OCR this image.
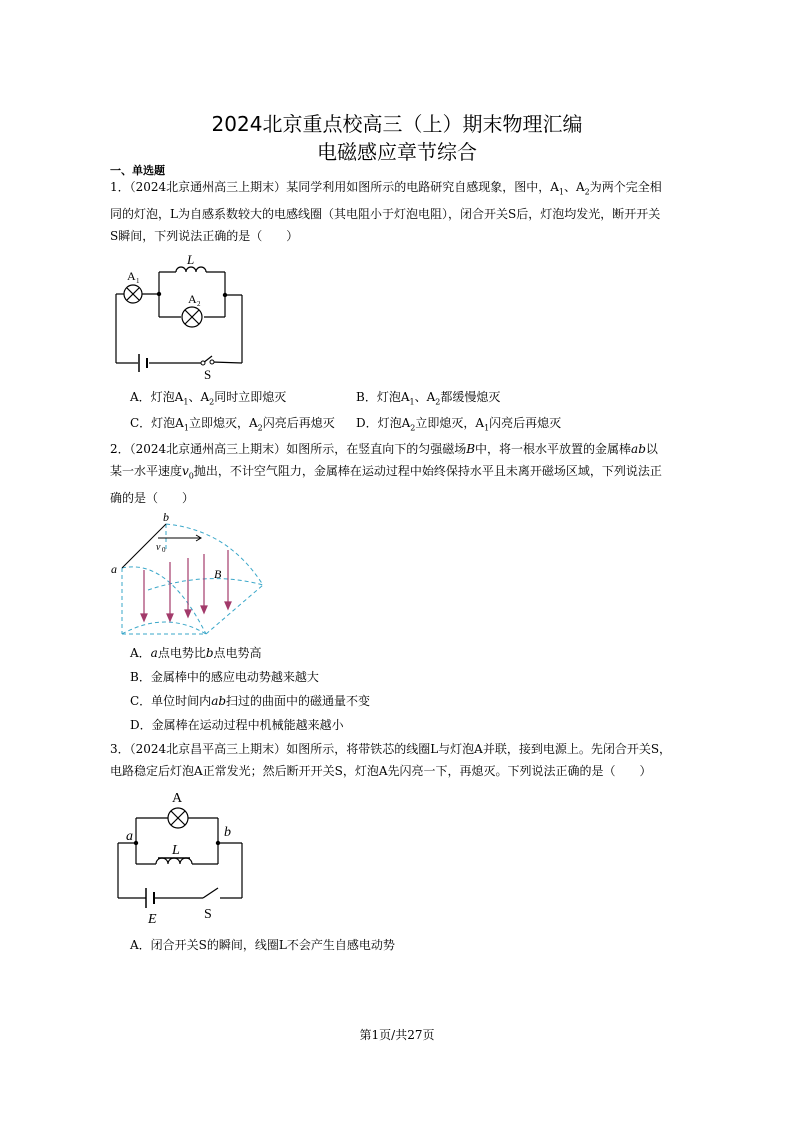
2024北京重点校高三（上）期末物理汇编
电磁感应章节综合
一、单选题
1．（2024北京通州高三上期末）某同学利用如图所示的电路研究自感现象，图中，$A_1$、$A_2$为两个完全相
同的灯泡，L为自感系数较大的电感线圈（其电阻小于灯泡电阻），闭合开关S后，灯泡均发光，断开开关
S瞬间，下列说法正确的是（　　）
L
A 1
A 2
S
A．灯泡$A_1$、$A_2$同时立即熄灭	B．灯泡$A_1$、$A_2$都缓慢熄灭
C．灯泡$A_1$立即熄灭，$A_2$闪亮后再熄灭 D．灯泡$A_2$立即熄灭，$A_1$闪亮后再熄灭
2．（2024北京通州高三上期末）如图所示，在竖直向下的匀强磁场B中，将一根水平放置的金属棒ab以
某一水平速度$v_0$抛出，不计空气阻力，金属棒在运动过程中始终保持水平且未离开磁场区域，下列说法正
确的是（　　）
a
b
B
v 0
A．a点电势比b点电势高
B．金属棒中的感应电动势越来越大
C．单位时间内ab扫过的曲面中的磁通量不变
D．金属棒在运动过程中机械能越来越小
3．（2024北京昌平高三上期末）如图所示，将带铁芯的线圈L与灯泡A并联，接到电源上。先闭合开关S，
电路稳定后灯泡A正常发光；然后断开开关S，灯泡A先闪亮一下，再熄灭。下列说法正确的是（　　）
A
a	b
L
E	S
A．闭合开关S的瞬间，线圈L不会产生自感电动势
第1页/共27页
